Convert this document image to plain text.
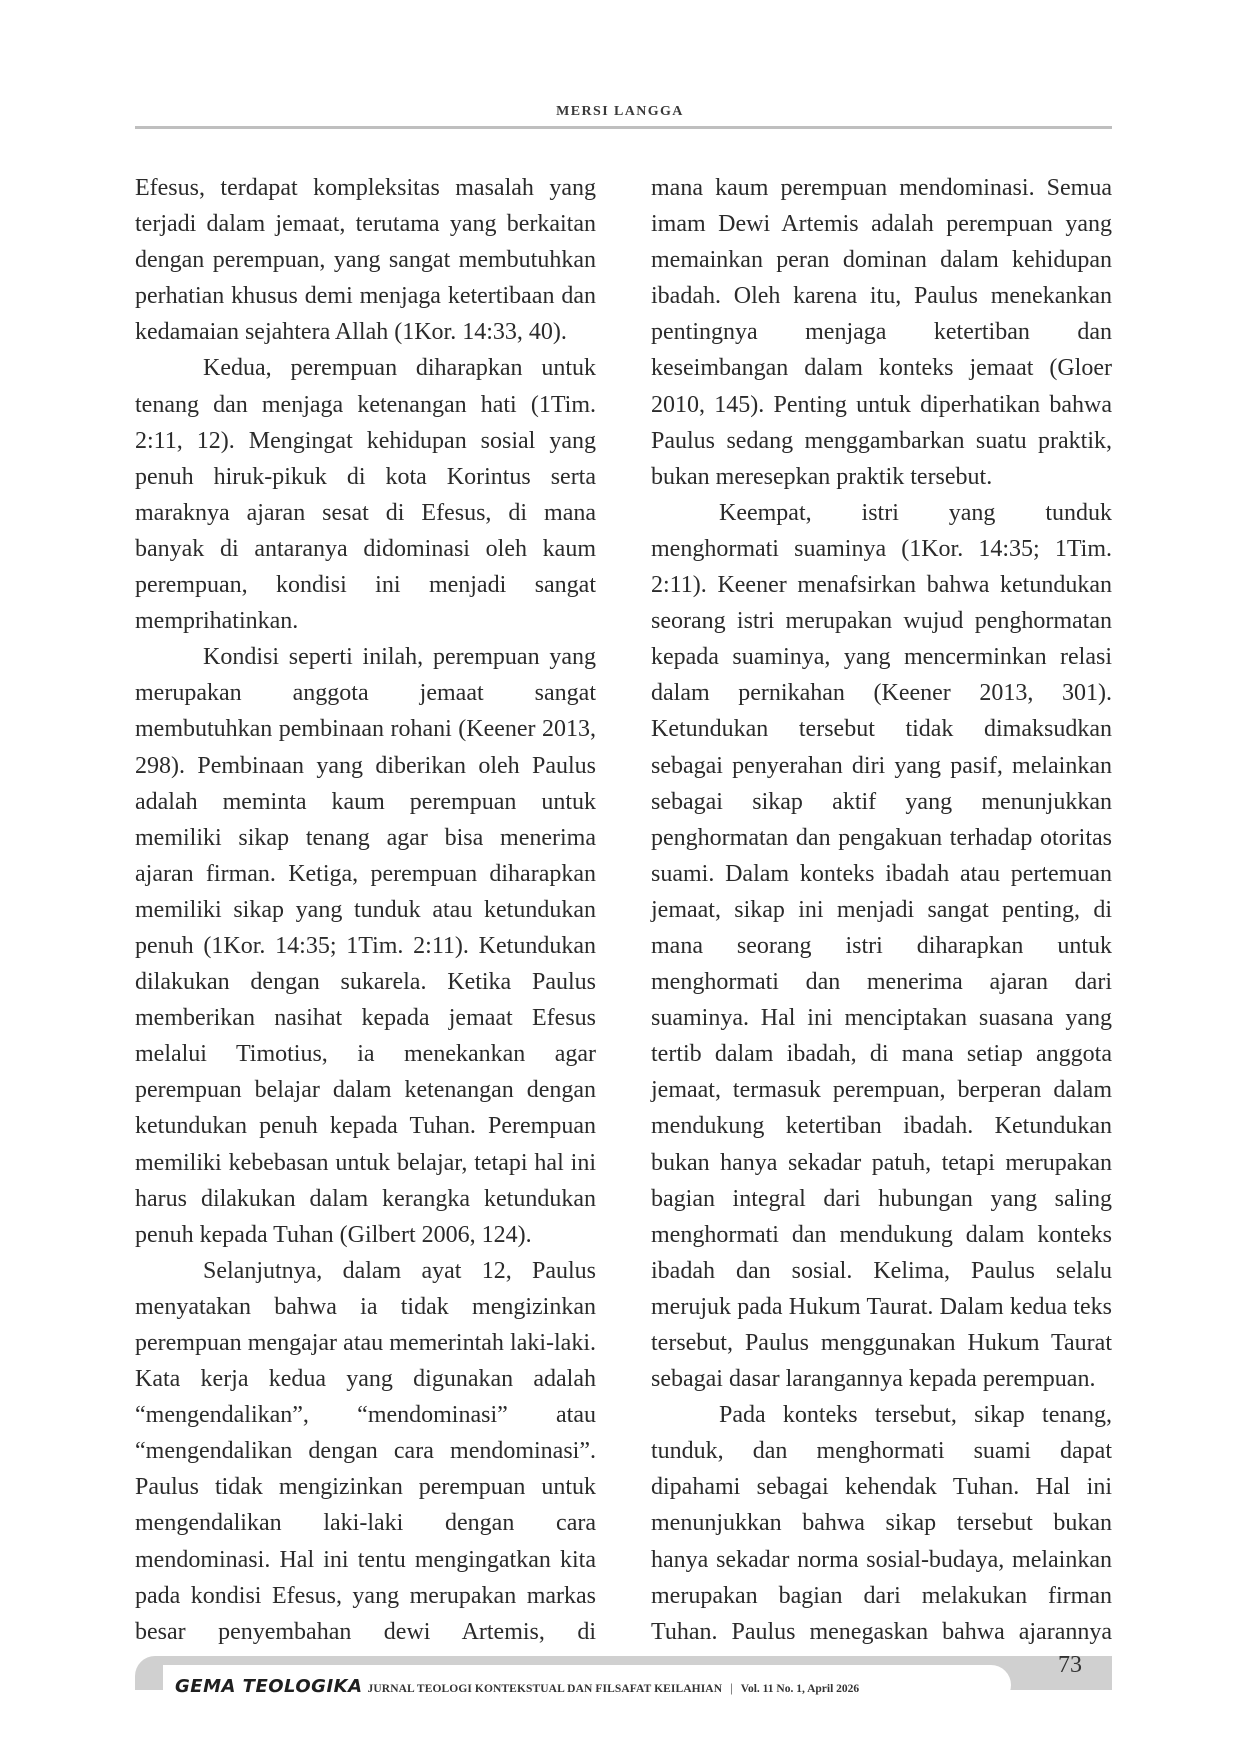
MERSI LANGGA

Efesus, terdapat kompleksitas masalah yang terjadi dalam jemaat, terutama yang berkaitan dengan perempuan, yang sangat membutuhkan perhatian khusus demi menjaga ketertibaan dan kedamaian sejahtera Allah (1Kor. 14:33, 40).

Kedua, perempuan diharapkan untuk tenang dan menjaga ketenangan hati (1Tim. 2:11, 12). Mengingat kehidupan sosial yang penuh hiruk-pikuk di kota Korintus serta maraknya ajaran sesat di Efesus, di mana banyak di antaranya didominasi oleh kaum perempuan, kondisi ini menjadi sangat memprihatinkan.

Kondisi seperti inilah, perempuan yang merupakan anggota jemaat sangat membutuhkan pembinaan rohani (Keener 2013, 298). Pembinaan yang diberikan oleh Paulus adalah meminta kaum perempuan untuk memiliki sikap tenang agar bisa menerima ajaran firman. Ketiga, perempuan diharapkan memiliki sikap yang tunduk atau ketundukan penuh (1Kor. 14:35; 1Tim. 2:11). Ketundukan dilakukan dengan sukarela. Ketika Paulus memberikan nasihat kepada jemaat Efesus melalui Timotius, ia menekankan agar perempuan belajar dalam ketenangan dengan ketundukan penuh kepada Tuhan. Perempuan memiliki kebebasan untuk belajar, tetapi hal ini harus dilakukan dalam kerangka ketundukan penuh kepada Tuhan (Gilbert 2006, 124).

Selanjutnya, dalam ayat 12, Paulus menyatakan bahwa ia tidak mengizinkan perempuan mengajar atau memerintah laki-laki. Kata kerja kedua yang digunakan adalah “mengendalikan”, “mendominasi” atau “mengendalikan dengan cara mendominasi”. Paulus tidak mengizinkan perempuan untuk mengendalikan laki-laki dengan cara mendominasi. Hal ini tentu mengingatkan kita pada kondisi Efesus, yang merupakan markas besar penyembahan dewi Artemis, di

mana kaum perempuan mendominasi. Semua imam Dewi Artemis adalah perempuan yang memainkan peran dominan dalam kehidupan ibadah. Oleh karena itu, Paulus menekankan pentingnya menjaga ketertiban dan keseimbangan dalam konteks jemaat (Gloer 2010, 145). Penting untuk diperhatikan bahwa Paulus sedang menggambarkan suatu praktik, bukan meresepkan praktik tersebut.

Keempat, istri yang tunduk menghormati suaminya (1Kor. 14:35; 1Tim. 2:11). Keener menafsirkan bahwa ketundukan seorang istri merupakan wujud penghormatan kepada suaminya, yang mencerminkan relasi dalam pernikahan (Keener 2013, 301). Ketundukan tersebut tidak dimaksudkan sebagai penyerahan diri yang pasif, melainkan sebagai sikap aktif yang menunjukkan penghormatan dan pengakuan terhadap otoritas suami. Dalam konteks ibadah atau pertemuan jemaat, sikap ini menjadi sangat penting, di mana seorang istri diharapkan untuk menghormati dan menerima ajaran dari suaminya. Hal ini menciptakan suasana yang tertib dalam ibadah, di mana setiap anggota jemaat, termasuk perempuan, berperan dalam mendukung ketertiban ibadah. Ketundukan bukan hanya sekadar patuh, tetapi merupakan bagian integral dari hubungan yang saling menghormati dan mendukung dalam konteks ibadah dan sosial. Kelima, Paulus selalu merujuk pada Hukum Taurat. Dalam kedua teks tersebut, Paulus menggunakan Hukum Taurat sebagai dasar larangannya kepada perempuan.

Pada konteks tersebut, sikap tenang, tunduk, dan menghormati suami dapat dipahami sebagai kehendak Tuhan. Hal ini menunjukkan bahwa sikap tersebut bukan hanya sekadar norma sosial-budaya, melainkan merupakan bagian dari melakukan firman Tuhan. Paulus menegaskan bahwa ajarannya

GEMA TEOLOGIKA JURNAL TEOLOGI KONTEKSTUAL DAN FILSAFAT KEILAHIAN | Vol. 11 No. 1, April 2026
73
